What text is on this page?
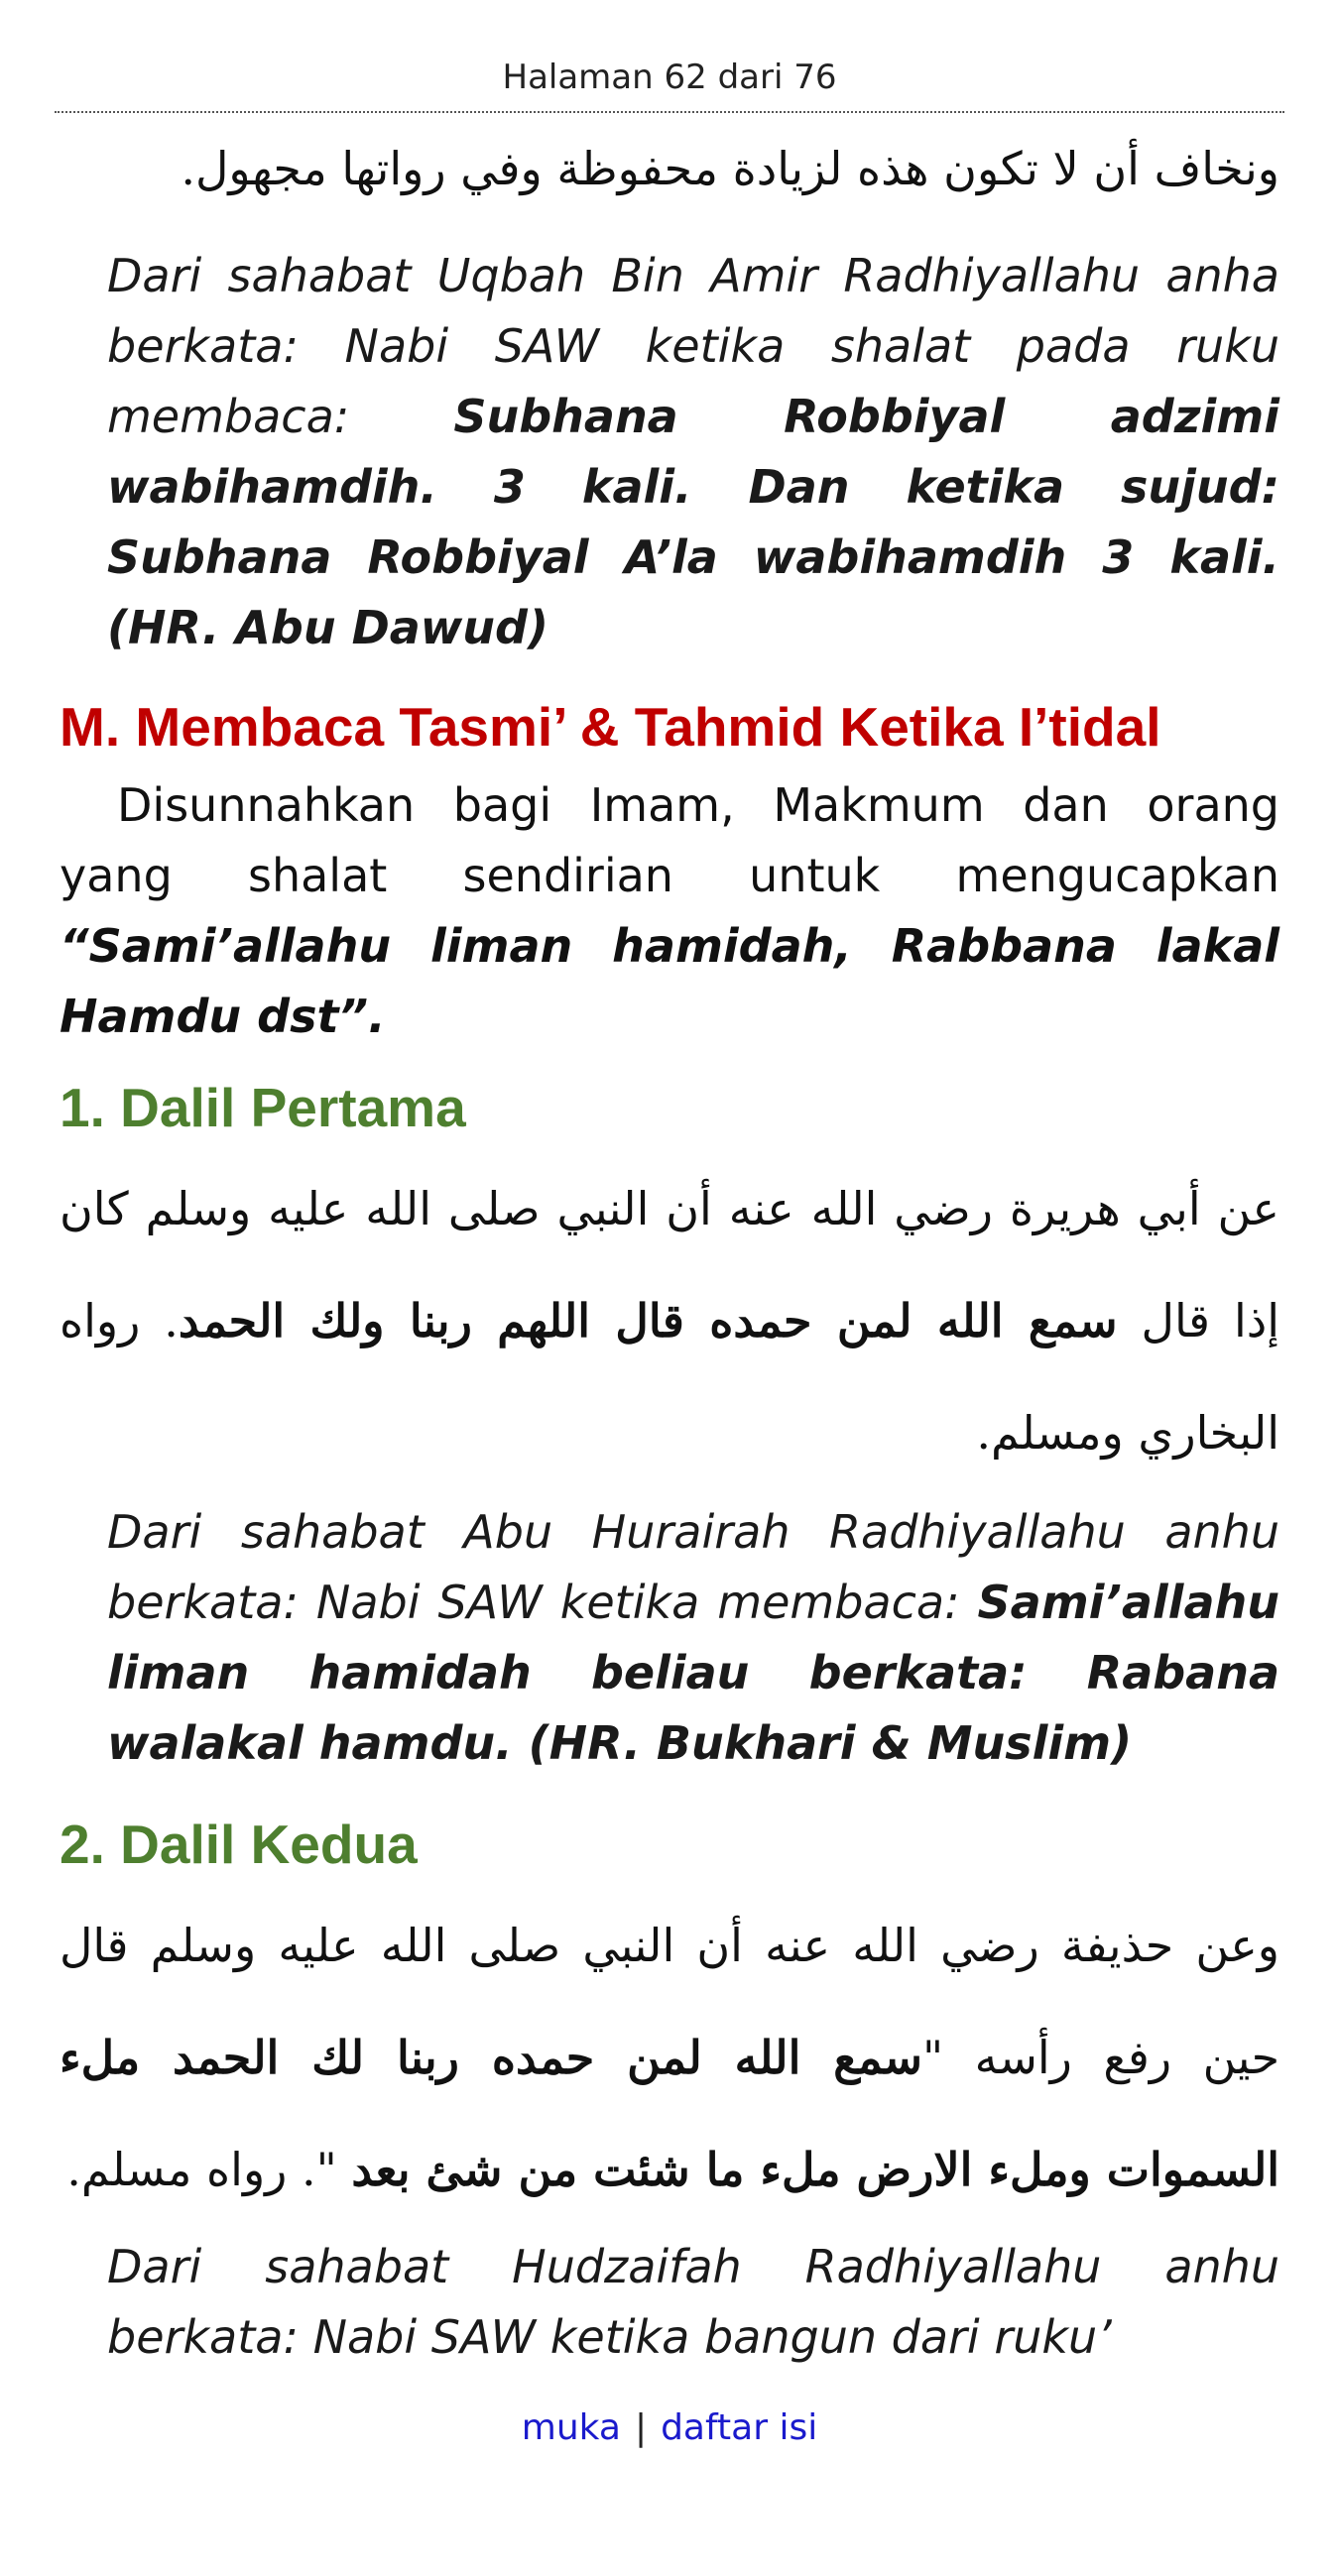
Halaman 62 dari 76

ونخاف أن لا تكون هذه لزيادة محفوظة وفي رواتها مجهول.

Dari sahabat Uqbah Bin Amir Radhiyallahu anha berkata: Nabi SAW ketika shalat pada ruku membaca: Subhana Robbiyal adzimi wabihamdih. 3 kali. Dan ketika sujud: Subhana Robbiyal A’la wabihamdih 3 kali. (HR. Abu Dawud)
M. Membaca Tasmi’ & Tahmid Ketika I’tidal

Disunnahkan bagi Imam, Makmum dan orang yang shalat sendirian untuk mengucapkan “Sami’allahu liman hamidah, Rabbana lakal Hamdu dst”.

1. Dalil Pertama

عن أبي هريرة رضي الله عنه أن النبي صلى الله عليه وسلم كان إذا قال سمع الله لمن حمده قال اللهم ربنا ولك الحمد. رواه البخاري ومسلم.

Dari sahabat Abu Hurairah Radhiyallahu anhu berkata: Nabi SAW ketika membaca: Sami’allahu liman hamidah beliau berkata: Rabana walakal hamdu. (HR. Bukhari & Muslim)
2. Dalil Kedua

وعن حذيفة رضي الله عنه أن النبي صلى الله عليه وسلم قال حين رفع رأسه "سمع الله لمن حمده ربنا لك الحمد ملء السموات وملء الارض ملء ما شئت من شئ بعد ". رواه مسلم.

Dari sahabat Hudzaifah Radhiyallahu anhu berkata: Nabi SAW ketika bangun dari ruku’
muka | daftar isi
